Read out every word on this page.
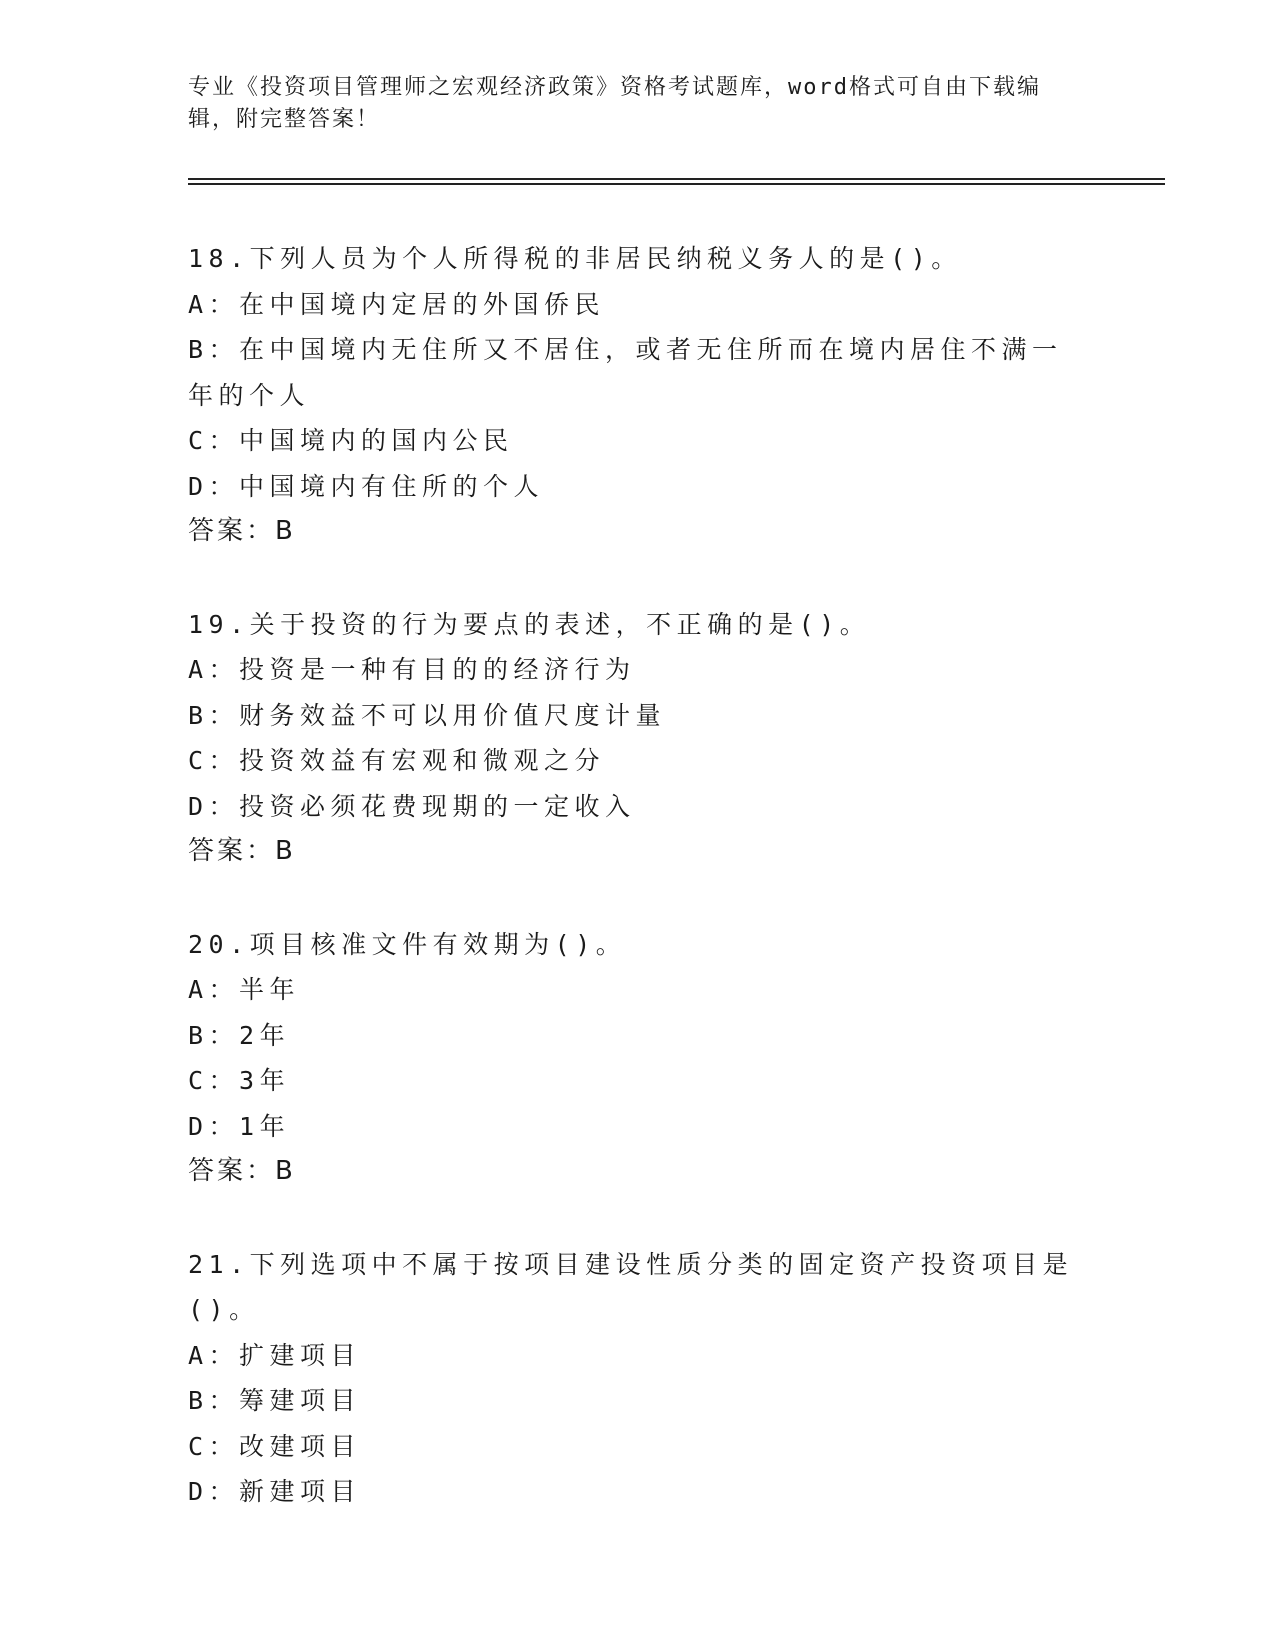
专业《投资项目管理师之宏观经济政策》资格考试题库，word格式可自由下载编辑，附完整答案！

18.下列人员为个人所得税的非居民纳税义务人的是()。

A：在中国境内定居的外国侨民

B：在中国境内无住所又不居住，或者无住所而在境内居住不满一年的个人

C：中国境内的国内公民

D：中国境内有住所的个人

答案：B

19.关于投资的行为要点的表述，不正确的是()。

A：投资是一种有目的的经济行为

B：财务效益不可以用价值尺度计量

C：投资效益有宏观和微观之分

D：投资必须花费现期的一定收入

答案：B

20.项目核准文件有效期为()。

A：半年

B：2年

C：3年

D：1年

答案：B

21.下列选项中不属于按项目建设性质分类的固定资产投资项目是()。

A：扩建项目

B：筹建项目

C：改建项目

D：新建项目
